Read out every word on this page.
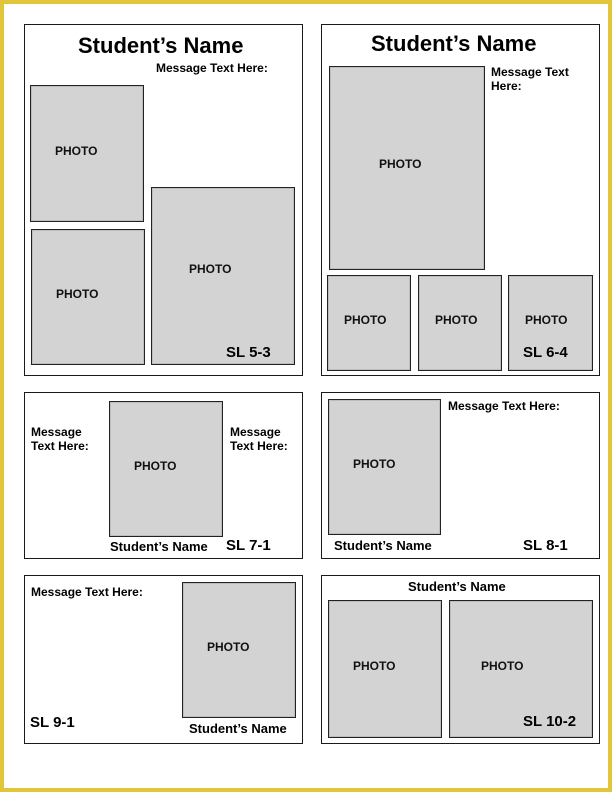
Student’s Name
Message Text Here:
PHOTO
PHOTO
PHOTO
SL 5-3
Student’s Name
Message Text
Here:
PHOTO
PHOTO	PHOTO	PHOTO
SL 6-4
Message
Text Here:
PHOTO
Message
Text Here:
Student’s Name SL 7-1
PHOTO
Message Text Here:
Student’s Name	SL 8-1
Message Text Here:
PHOTO
SL 9-1	Student’s Name
Student’s Name
PHOTO	PHOTO
SL 10-2
